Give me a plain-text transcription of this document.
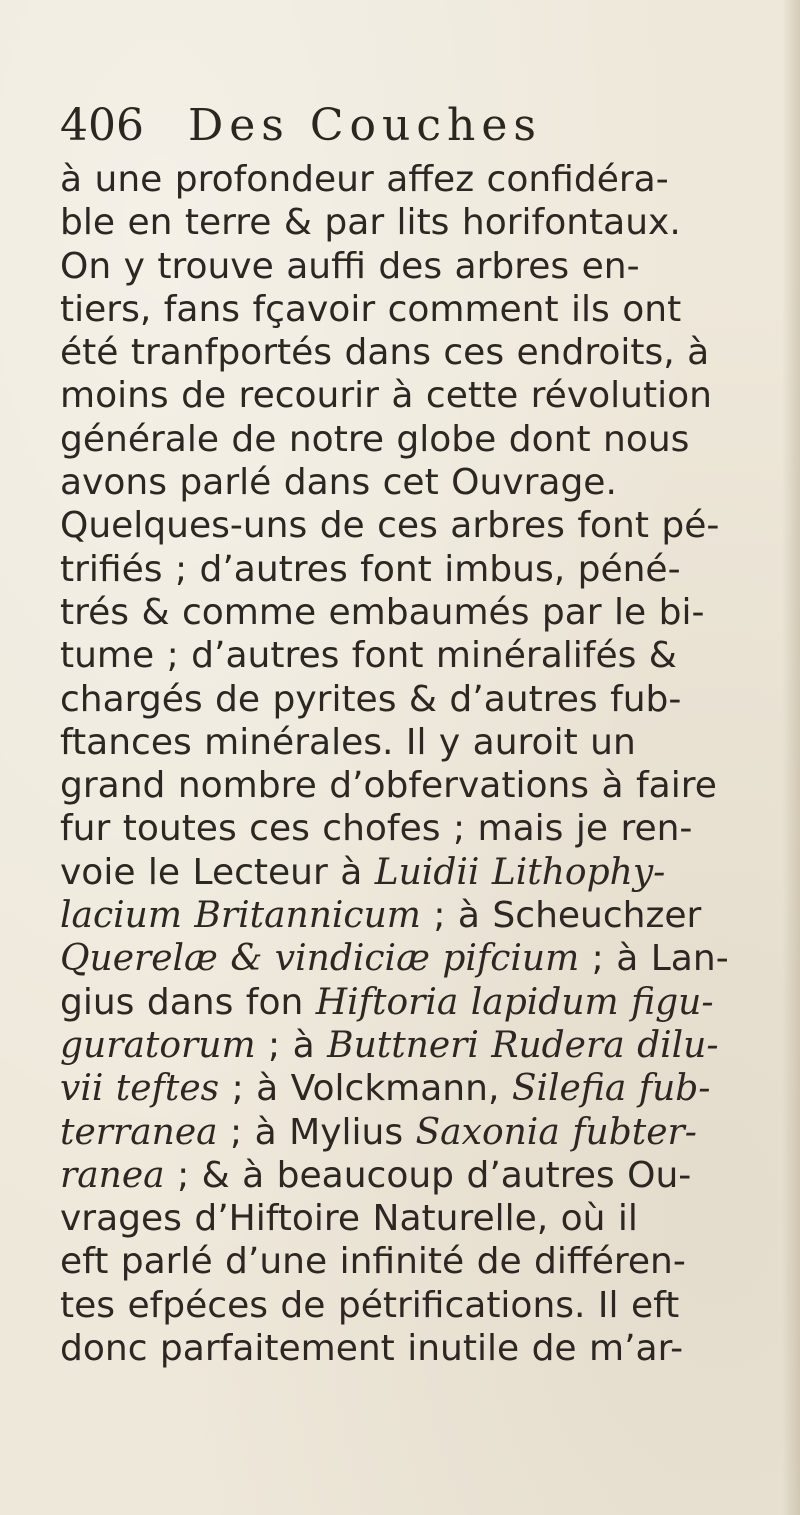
406 Des Couches
à une profondeur affez confidéra-
ble en terre & par lits horifontaux.
On y trouve auffi des arbres en-
tiers, fans fçavoir comment ils ont
été tranfportés dans ces endroits, à
moins de recourir à cette révolution
générale de notre globe dont nous
avons parlé dans cet Ouvrage.
Quelques-uns de ces arbres font pé-
trifiés ; d’autres font imbus, péné-
trés & comme embaumés par le bi-
tume ; d’autres font minéralifés &
chargés de pyrites & d’autres fub-
ftances minérales. Il y auroit un
grand nombre d’obfervations à faire
fur toutes ces chofes ; mais je ren-
voie le Lecteur à Luidii Lithophy-
lacium Britannicum ; à Scheuchzer
Querelæ & vindiciæ pifcium ; à Lan-
gius dans fon Hiftoria lapidum figu-
guratorum ; à Buttneri Rudera dilu-
vii teftes ; à Volckmann, Silefia fub-
terranea ; à Mylius Saxonia fubter-
ranea ; & à beaucoup d’autres Ou-
vrages d’Hiftoire Naturelle, où il
eft parlé d’une infinité de différen-
tes efpéces de pétrifications. Il eft
donc parfaitement inutile de m’ar-
